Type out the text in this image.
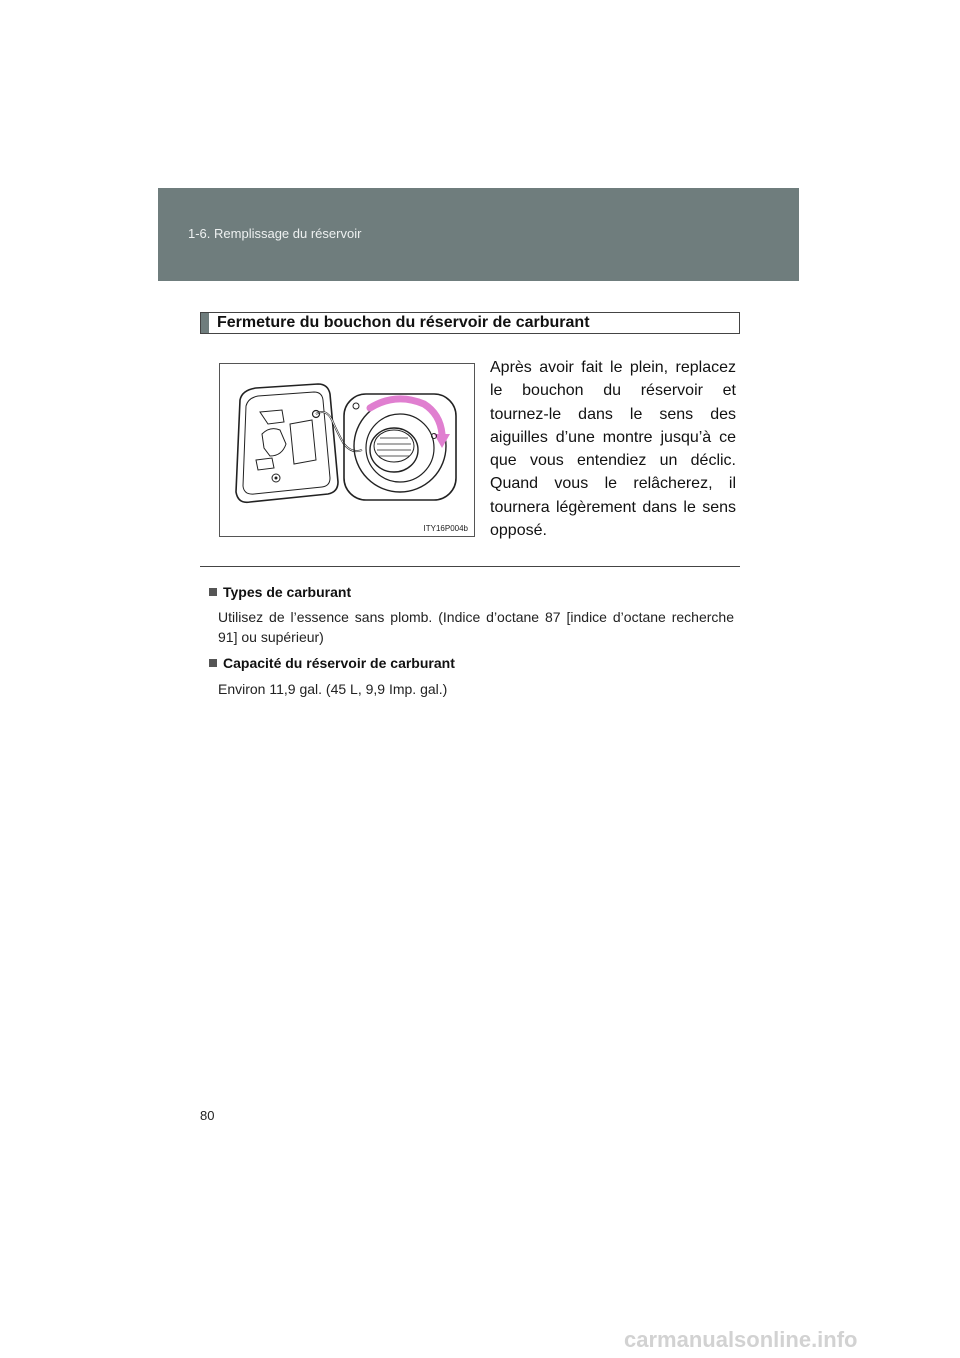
1-6. Remplissage du réservoir
Fermeture du bouchon du réservoir de carburant
ITY16P004b
Après avoir fait le plein, replacez le bouchon du réservoir et tournez-le dans le sens des aiguilles d’une montre jusqu’à ce que vous entendiez un déclic. Quand vous le relâcherez, il tournera légèrement dans le sens opposé.
Types de carburant
Utilisez de l’essence sans plomb. (Indice d’octane 87 [indice d’octane recherche 91] ou supérieur)
Capacité du réservoir de carburant
Environ 11,9 gal. (45 L, 9,9 Imp. gal.)
80
carmanualsonline.info
